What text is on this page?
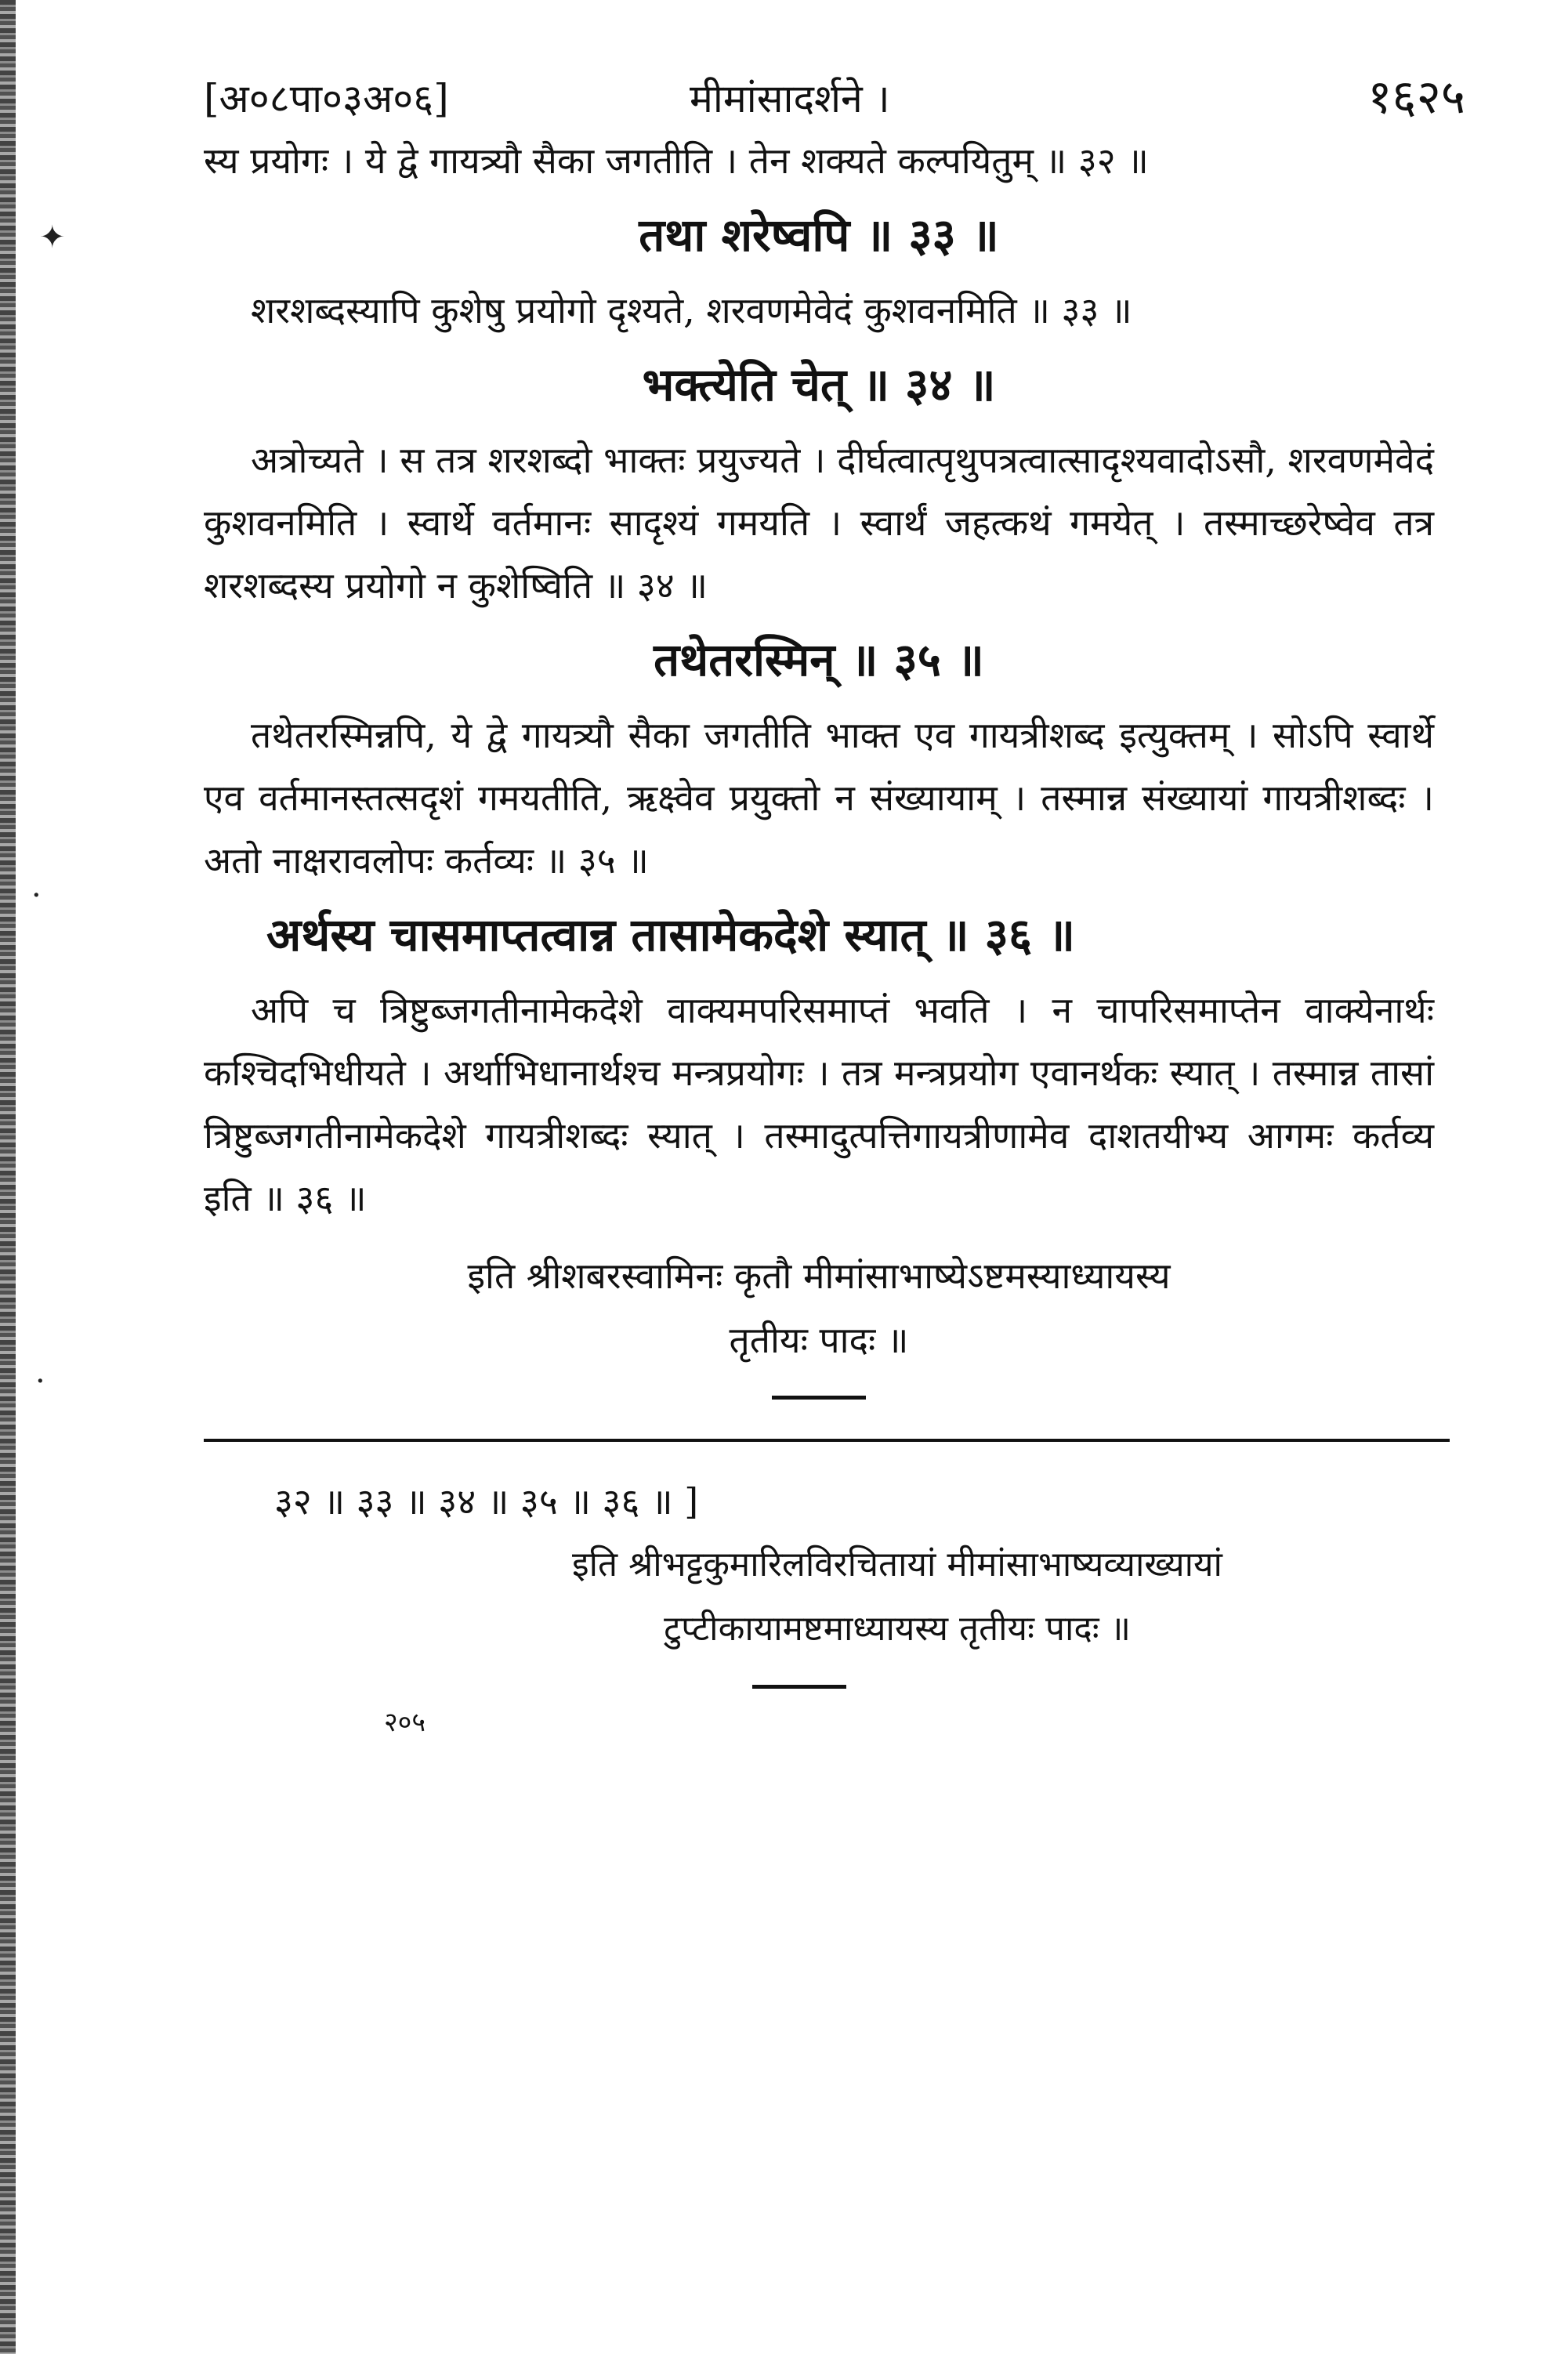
✦
·
·
[अ०८पा०३अ०६]	मीमांसादर्शने ।	१६२५

स्य प्रयोगः । ये द्वे गायत्र्यौ सैका जगतीति । तेन शक्यते कल्पयितुम् ॥ ३२ ॥

तथा शरेष्वपि ॥ ३३ ॥

शरशब्दस्यापि कुशेषु प्रयोगो दृश्यते, शरवणमेवेदं कुशवनमिति ॥ ३३ ॥

भक्त्येति चेत् ॥ ३४ ॥

अत्रोच्यते । स तत्र शरशब्दो भाक्तः प्रयुज्यते । दीर्घत्वात्पृथुपत्रत्वात्सादृश्यवादोऽसौ, शरवणमेवेदं कुशवनमिति । स्वार्थे वर्तमानः सादृश्यं गमयति । स्वार्थं जहत्कथं गमयेत् । तस्माच्छरेष्वेव तत्र शरशब्दस्य प्रयोगो न कुशेष्विति ॥ ३४ ॥

तथेतरस्मिन् ॥ ३५ ॥

तथेतरस्मिन्नपि, ये द्वे गायत्र्यौ सैका जगतीति भाक्त एव गायत्रीशब्द इत्युक्तम् । सोऽपि स्वार्थे एव वर्तमानस्तत्सदृशं गमयतीति, ऋक्ष्वेव प्रयुक्तो न संख्यायाम् । तस्मान्न संख्यायां गायत्रीशब्दः । अतो नाक्षरावलोपः कर्तव्यः ॥ ३५ ॥

अर्थस्य चासमाप्तत्वान्न तासामेकदेशे स्यात् ॥ ३६ ॥

अपि च त्रिष्टुब्जगतीनामेकदेशे वाक्यमपरिसमाप्तं भवति । न चापरिसमाप्तेन वाक्येनार्थः कश्चिदभिधीयते । अर्थाभिधानार्थश्च मन्त्रप्रयोगः । तत्र मन्त्रप्रयोग एवानर्थकः स्यात् । तस्मान्न तासां त्रिष्टुब्जगतीनामेकदेशे गायत्रीशब्दः स्यात् । तस्मादुत्पत्तिगायत्रीणामेव दाशतयीभ्य आगमः कर्तव्य इति ॥ ३६ ॥

इति श्रीशबरस्वामिनः कृतौ मीमांसाभाष्येऽष्टमस्याध्यायस्य
तृतीयः पादः ॥
३२ ॥ ३३ ॥ ३४ ॥ ३५ ॥ ३६ ॥ ]
इति श्रीभट्टकुमारिलविरचितायां मीमांसाभाष्यव्याख्यायां
टुप्टीकायामष्टमाध्यायस्य तृतीयः पादः ॥
२०५
